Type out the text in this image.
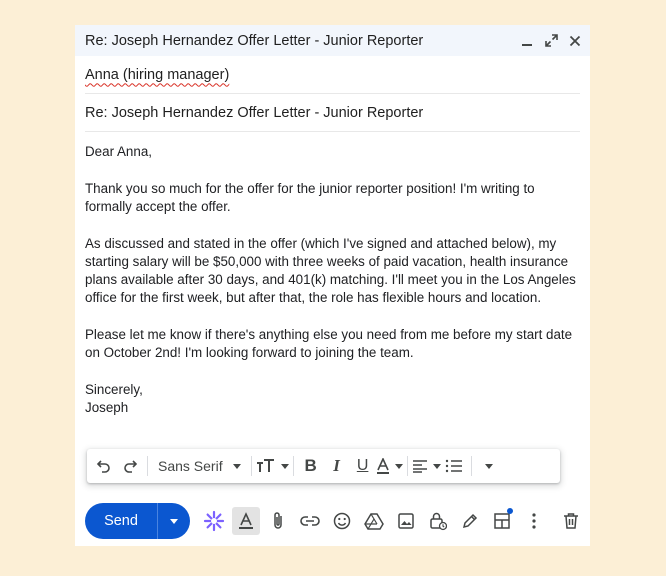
Re: Joseph Hernandez Offer Letter - Junior Reporter
Anna (hiring manager)
Re: Joseph Hernandez Offer Letter - Junior Reporter

Dear Anna,

Thank you so much for the offer for the junior reporter position! I'm writing to formally accept the offer.

As discussed and stated in the offer (which I've signed and attached below), my starting salary will be $50,000 with three weeks of paid vacation, health insurance plans available after 30 days, and 401(k) matching. I'll meet you in the Los Angeles office for the first week, but after that, the role has flexible hours and location.

Please let me know if there's anything else you need from me before my start date on October 2nd! I'm looking forward to joining the team.

Sincerely,

Joseph

Sans Serif	B I	U
Send
